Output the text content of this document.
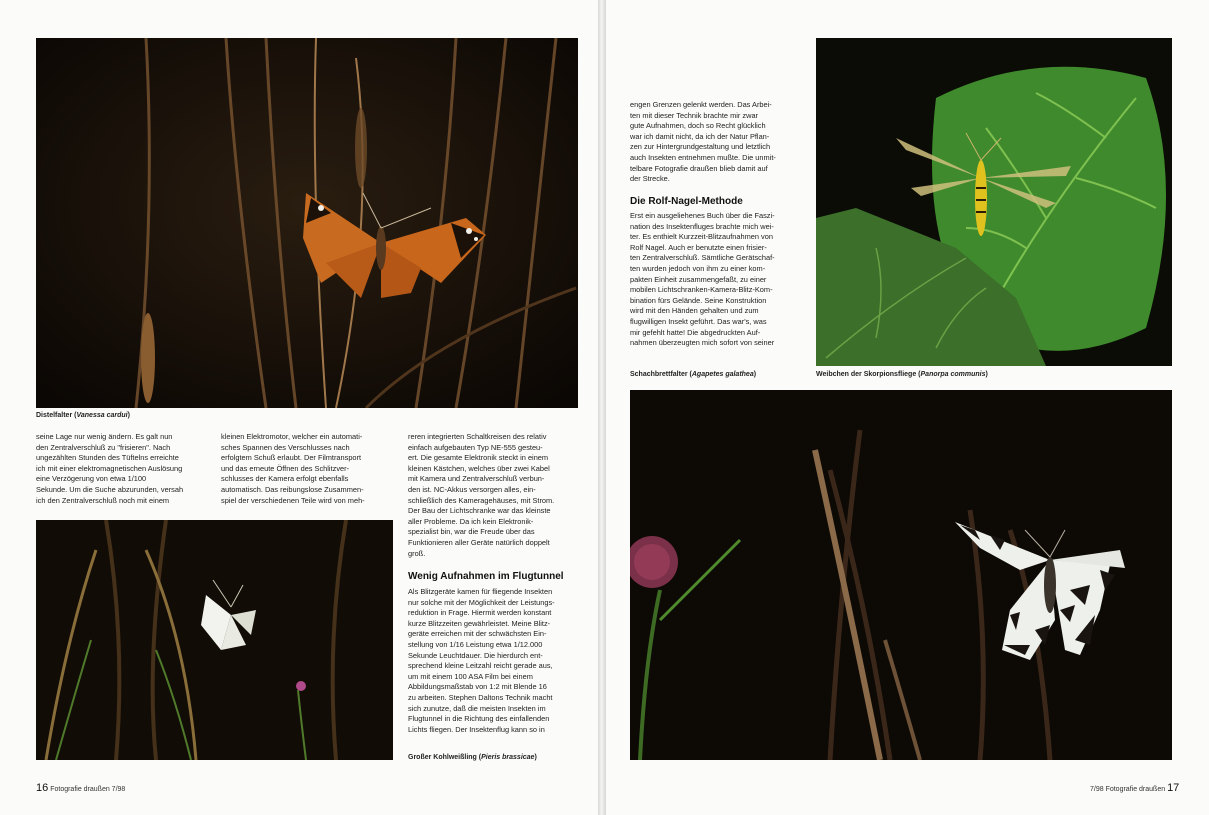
Distelfalter (Vanessa cardui)

seine Lage nur wenig ändern. Es galt nun

den Zentralverschluß zu "frisieren". Nach

ungezählten Stunden des Tüftelns erreichte

ich mit einer elektromagnetischen Auslösung

eine Verzögerung von etwa 1/100

Sekunde. Um die Suche abzurunden, versah

ich den Zentralverschluß noch mit einem

kleinen Elektromotor, welcher ein automati-

sches Spannen des Verschlusses nach

erfolgtem Schuß erlaubt. Der Filmtransport

und das erneute Öffnen des Schlitzver-

schlusses der Kamera erfolgt ebenfalls

automatisch. Das reibungslose Zusammen-

spiel der verschiedenen Teile wird von meh-

reren integrierten Schaltkreisen des relativ

einfach aufgebauten Typ NE-555 gesteu-

ert. Die gesamte Elektronik steckt in einem

kleinen Kästchen, welches über zwei Kabel

mit Kamera und Zentralverschluß verbun-

den ist. NC-Akkus versorgen alles, ein-

schließlich des Kameragehäuses, mit Strom.

Der Bau der Lichtschranke war das kleinste

aller Probleme. Da ich kein Elektronik-

spezialist bin, war die Freude über das

Funktionieren aller Geräte natürlich doppelt

groß.

Wenig Aufnahmen im Flugtunnel

Als Blitzgeräte kamen für fliegende Insekten

nur solche mit der Möglichkeit der Leistungs-

reduktion in Frage. Hiermit werden konstant

kurze Blitzzeiten gewährleistet. Meine Blitz-

geräte erreichen mit der schwächsten Ein-

stellung von 1/16 Leistung etwa 1/12.000

Sekunde Leuchtdauer. Die hierdurch ent-

sprechend kleine Leitzahl reicht gerade aus,

um mit einem 100 ASA Film bei einem

Abbildungsmaßstab von 1:2 mit Blende 16

zu arbeiten. Stephen Daltons Technik macht

sich zunutze, daß die meisten Insekten im

Flugtunnel in die Richtung des einfallenden

Lichts fliegen. Der Insektenflug kann so in

Großer Kohlweißling (Pieris brassicae)
16 Fotografie draußen 7/98

engen Grenzen gelenkt werden. Das Arbei-

ten mit dieser Technik brachte mir zwar

gute Aufnahmen, doch so Recht glücklich

war ich damit nicht, da ich der Natur Pflan-

zen zur Hintergrundgestaltung und letztlich

auch Insekten entnehmen mußte. Die unmit-

telbare Fotografie draußen blieb damit auf

der Strecke.

Die Rolf-Nagel-Methode

Erst ein ausgeliehenes Buch über die Faszi-

nation des Insektenfluges brachte mich wei-

ter. Es enthielt Kurzzeit-Blitzaufnahmen von

Rolf Nagel. Auch er benutzte einen frisier-

ten Zentralverschluß. Sämtliche Gerätschaf-

ten wurden jedoch von ihm zu einer kom-

pakten Einheit zusammengefaßt, zu einer

mobilen Lichtschranken-Kamera-Blitz-Kom-

bination fürs Gelände. Seine Konstruktion

wird mit den Händen gehalten und zum

flugwilligen Insekt geführt. Das war's, was

mir gefehlt hatte! Die abgedruckten Auf-

nahmen überzeugten mich sofort von seiner

Schachbrettfalter (Agapetes galathea)	Weibchen der Skorpionsfliege (Panorpa communis)
7/98 Fotografie draußen 17
